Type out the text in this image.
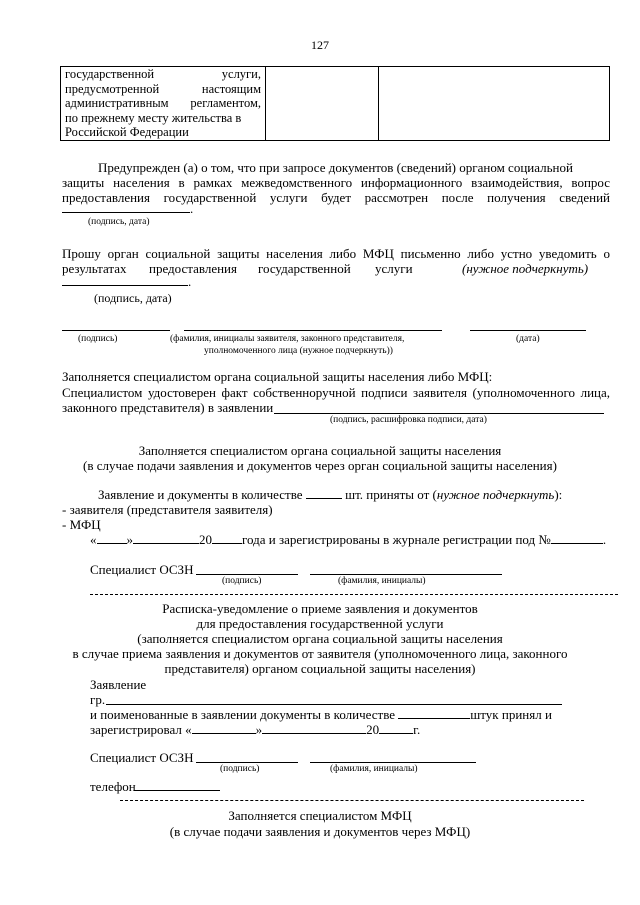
127
государственной	услуги,
предусмотренной	настоящим
административным регламентом,
по прежнему месту жительства в
Российской Федерации

Предупрежден (а) о том, что при запросе документов (сведений) органом социальной
защиты населения в рамках межведомственного информационного взаимодействия, вопрос
предоставления государственной услуги будет рассмотрен после получения сведений
.
(подпись, дата)
Прошу орган социальной защиты населения либо МФЦ письменно либо устно уведомить о
результатах предоставления государственной услуги	(нужное подчеркнуть)
.
(подпись, дата)
(подпись)	(фамилия, инициалы заявителя, законного представителя,
уполномоченного лица (нужное подчеркнуть))
(дата)
Заполняется специалистом органа социальной защиты населения либо МФЦ:
Специалистом удостоверен факт собственноручной подписи заявителя (уполномоченного лица,
законного представителя) в заявлении
(подпись, расшифровка подписи, дата)
Заполняется специалистом органа социальной защиты населения
(в случае подачи заявления и документов через орган социальной защиты населения)
Заявление и документы в количестве	шт. приняты от (нужное подчеркнуть):
- заявителя (представителя заявителя)
- МФЦ
« »	20 года и зарегистрированы в журнале регистрации под №	.
Специалист ОСЗН
(подпись)	(фамилия, инициалы)
Расписка-уведомление о приеме заявления и документов
для предоставления государственной услуги
(заполняется специалистом органа социальной защиты населения
в случае приема заявления и документов от заявителя (уполномоченного лица, законного
представителя) органом социальной защиты населения)
Заявление
гр.
и поименованные в заявлении документы в количестве	штук принял и
зарегистрировал «	»	20	г.
Специалист ОСЗН
(подпись)	(фамилия, инициалы)
телефон
Заполняется специалистом МФЦ
(в случае подачи заявления и документов через МФЦ)
